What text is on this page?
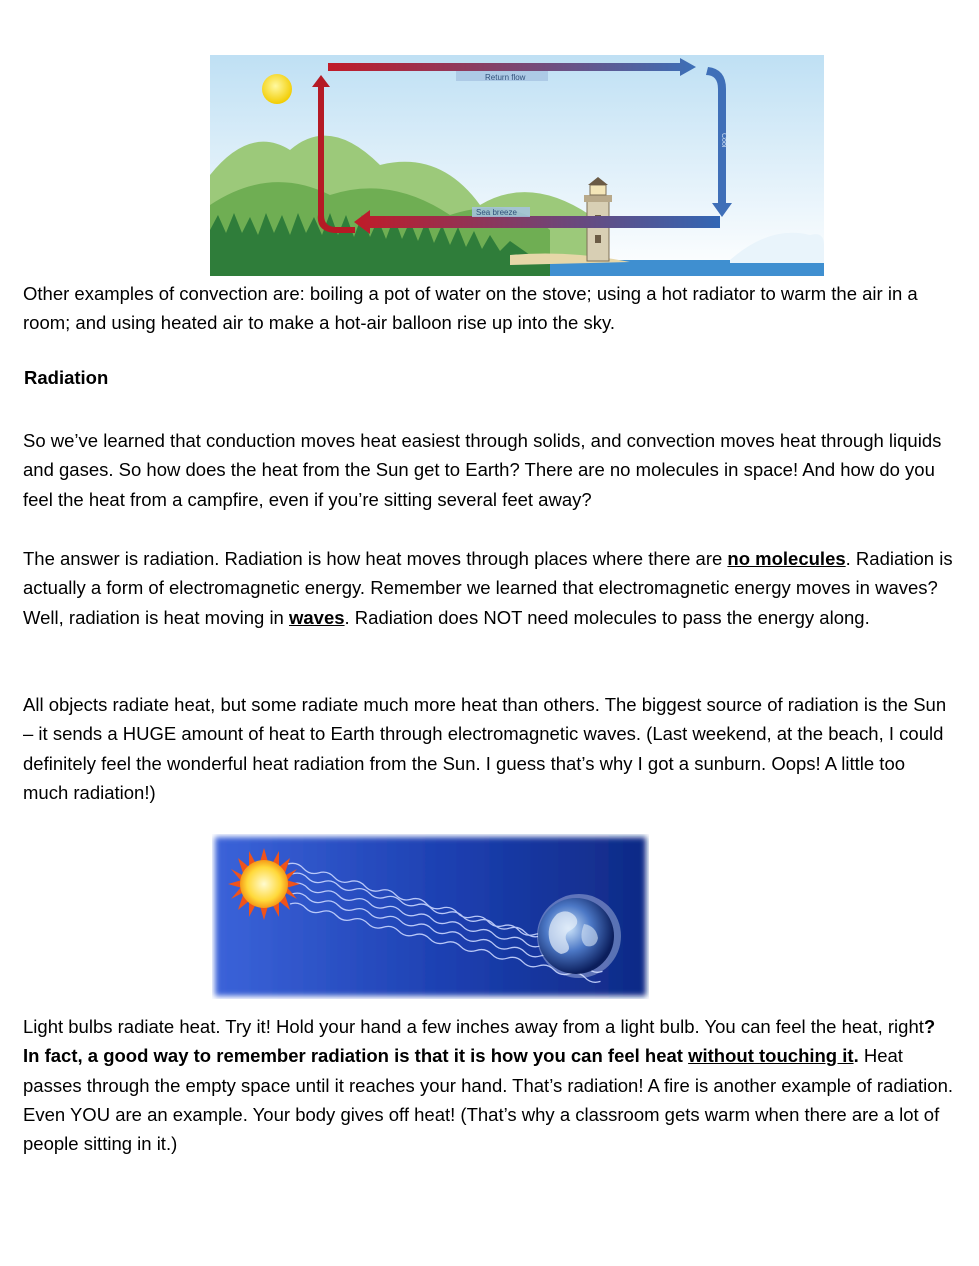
Return flow
Cool
Sea breeze

Other examples of convection are: boiling a pot of water on the stove; using a hot radiator to warm the air in a room; and using heated air to make a hot-air balloon rise up into the sky.

Radiation

So we’ve learned that conduction moves heat easiest through solids, and convection moves heat through liquids and gases. So how does the heat from the Sun get to Earth? There are no molecules in space! And how do you feel the heat from a campfire, even if you’re sitting several feet away?

The answer is radiation. Radiation is how heat moves through places where there are no molecules. Radiation is actually a form of electromagnetic energy. Remember we learned that electromagnetic energy moves in waves? Well, radiation is heat moving in waves. Radiation does NOT need molecules to pass the energy along.

All objects radiate heat, but some radiate much more heat than others. The biggest source of radiation is the Sun – it sends a HUGE amount of heat to Earth through electromagnetic waves. (Last weekend, at the beach, I could definitely feel the wonderful heat radiation from the Sun. I guess that’s why I got a sunburn. Oops! A little too much radiation!)

Light bulbs radiate heat. Try it! Hold your hand a few inches away from a light bulb. You can feel the heat, right? In fact, a good way to remember radiation is that it is how you can feel heat without touching it. Heat passes through the empty space until it reaches your hand. That’s radiation! A fire is another example of radiation. Even YOU are an example. Your body gives off heat! (That’s why a classroom gets warm when there are a lot of people sitting in it.)
